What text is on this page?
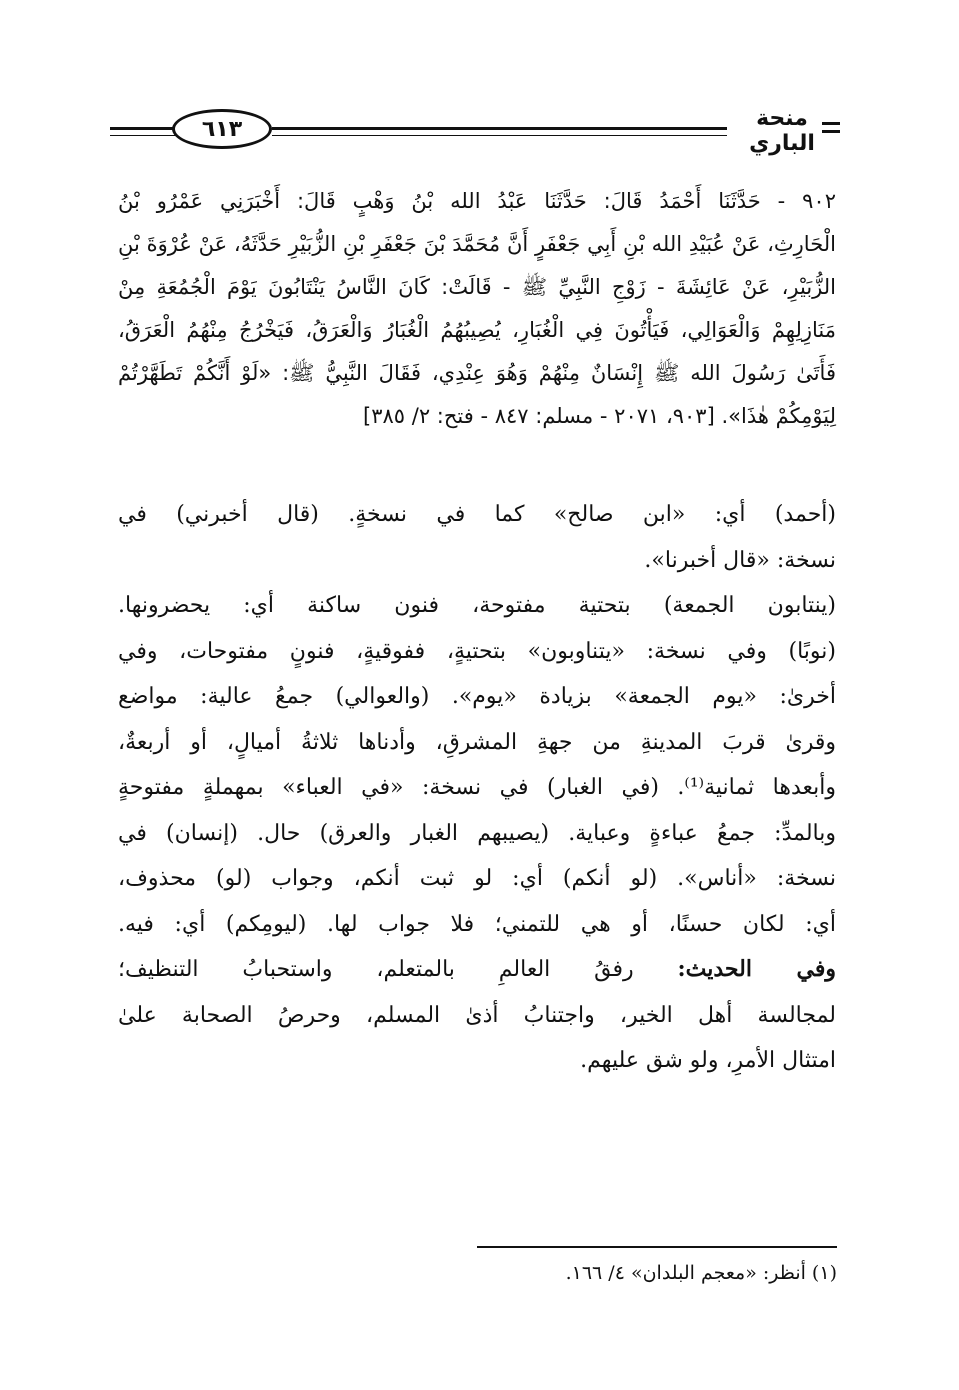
٦١٣	منحة الباري
٩٠٢ - حَدَّثَنَا أَحْمَدُ قَالَ: حَدَّثَنَا عَبْدُ الله بْنُ وَهْبٍ قَالَ: أَخْبَرَنِي عَمْرُو بْنُ
الْحَارِثِ، عَنْ عُبَيْدِ الله بْنِ أَبِي جَعْفَرٍ أَنَّ مُحَمَّدَ بْنَ جَعْفَرِ بْنِ الزُّبَيْرِ حَدَّثَهُ، عَنْ عُرْوَةَ بْنِ
الزُّبَيْرِ، عَنْ عَائِشَةَ - زَوْجِ النَّبِيِّ ﷺ - قَالَتْ: كَانَ النَّاسُ يَنْتَابُونَ يَوْمَ الْجُمُعَةِ مِنْ
مَنَازِلِهِمْ وَالْعَوَالِي، فَيَأْتُونَ فِي الْغُبَارِ، يُصِيبُهُمُ الْغُبَارُ وَالْعَرَقُ، فَيَخْرُجُ مِنْهُمُ الْعَرَقُ،
فَأَتَىٰ رَسُولَ الله ﷺ إِنْسَانٌ مِنْهُمْ وَهُوَ عِنْدِي، فَقَالَ النَّبِيُّ ﷺ: «لَوْ أَنَّكُمْ تَطَهَّرْتُمْ
لِيَوْمِكُمْ هٰذَا». [٩٠٣، ٢٠٧١ - مسلم: ٨٤٧ - فتح: ٢/ ٣٨٥]
(أحمد) أي: «ابن صالح» كما في نسخةٍ. (قال أخبرني) في
نسخة: «قال أخبرنا».
(ينتابون الجمعة) بتحتية مفتوحة، فنون ساكنة أي: يحضرونها.
(نوبًا) وفي نسخة: «يتناوبون» بتحتيةٍ، ففوقيةٍ، فنونٍ مفتوحات، وفي
أخرىٰ: «يوم الجمعة» بزيادة «يوم». (والعوالي) جمعُ عالية: مواضع
وقرىٰ قربَ المدينةِ من جهةِ المشرقِ، وأدناها ثلاثةُ أميالٍ، أو أربعةٌ،
وأبعدها ثمانية⁽¹⁾. (في الغبار) في نسخة: «في العباء» بمهملةٍ مفتوحةٍ
وبالمدِّ: جمعُ عباءةٍ وعباية. (يصيبهم الغبار والعرق) حال. (إنسان) في
نسخة: «أناس». (لو أنكم) أي: لو ثبت أنكم، وجواب (لو) محذوف،
أي: لكان حسنًا، أو هي للتمني؛ فلا جواب لها. (ليومِكم) أي: فيه.
وفي الحديث: رفقُ العالمِ بالمتعلم، واستحبابُ التنظيف؛
لمجالسة أهل الخير، واجتنابُ أذىٰ المسلم، وحرصُ الصحابة علىٰ
امتثال الأمرِ، ولو شق عليهم.
(١) أنظر: «معجم البلدان» ٤/ ١٦٦.
